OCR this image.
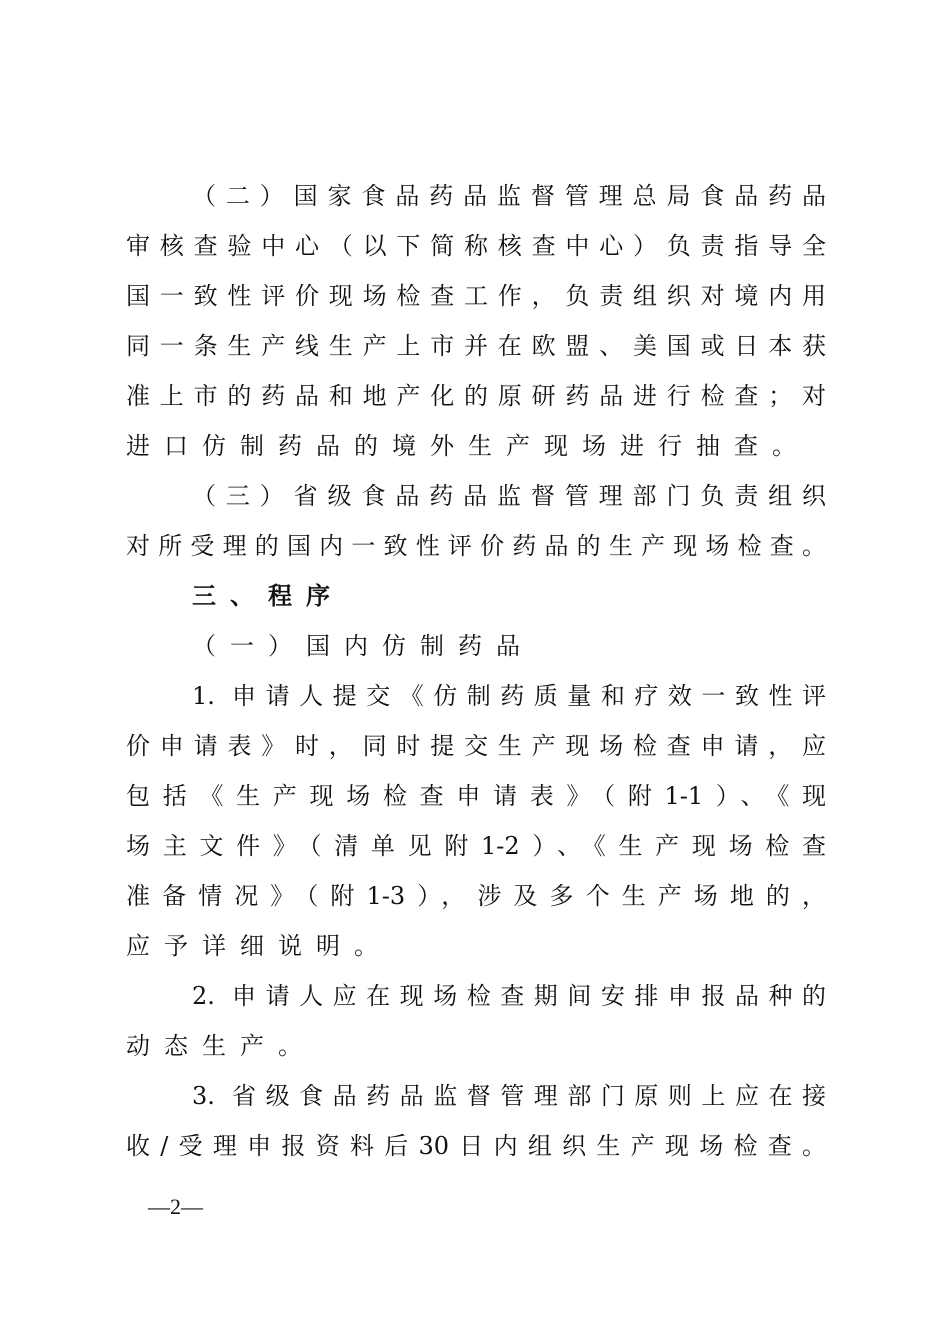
（二）国家食品药品监督管理总局食品药品
审核查验中心（以下简称核查中心）负责指导全
国一致性评价现场检查工作，负责组织对境内用
同一条生产线生产上市并在欧盟、美国或日本获
准上市的药品和地产化的原研药品进行检查；对
进口仿制药品的境外生产现场进行抽查。
（三）省级食品药品监督管理部门负责组织
对所受理的国内一致性评价药品的生产现场检查。
三、程序
（一）国内仿制药品
1. 申请人提交《仿制药质量和疗效一致性评
价申请表》时，同时提交生产现场检查申请，应
包括《生产现场检查申请表》（附1-1）、《现
场主文件》（清单见附1-2）、《生产现场检查
准备情况》（附1-3），涉及多个生产场地的，
应予详细说明。
2. 申请人应在现场检查期间安排申报品种的
动态生产。
3. 省级食品药品监督管理部门原则上应在接
收/受理申报资料后30日内组织生产现场检查。
—2—
